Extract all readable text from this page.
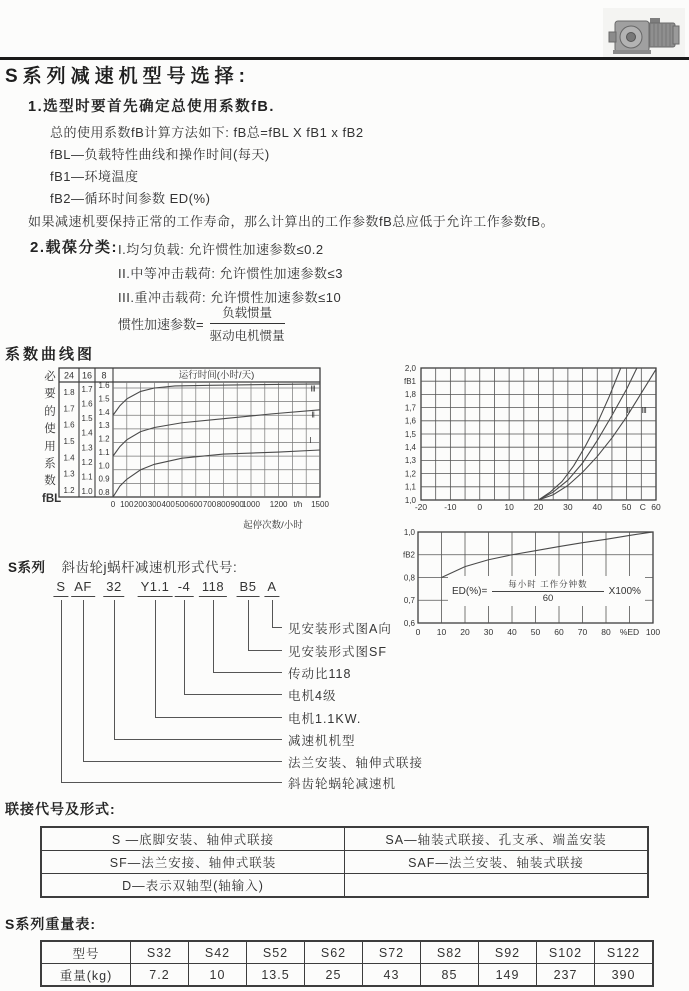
S系列减速机型号选择:
1.选型时要首先确定总使用系数fB.
总的使用系数fB计算方法如下: fB总=fBL X fB1 x fB2
fBL—负载特性曲线和操作时间(每天)
fB1—环境温度
fB2—循环时间参数 ED(%)
如果减速机要保持正常的工作寿命，那么计算出的工作参数fB总应低于允许工作参数fB。
2.载葆分类: I.均匀负载: 允许惯性加速参数≤0.2
II.中等冲击载荷: 允许惯性加速参数≤3
III.重冲击载荷: 允许惯性加速参数≤10
惯性加速参数= $\frac{\text{负载惯量}}{\text{驱动电机惯量}}$
系数曲线图
必
要
的
使
用
系
数
fBL
运行时间(小时/天)
24
1.8
1.7
1.6
1.5
1.4
1.3
1.2
16
1.7
1.6
1.5
1.4
1.3
1.2
1.1
1.0
8
1.6
1.5
1.4
1.3
1.2
1.1
1.0
0.9
0.8
Ⅲ
Ⅱ
Ⅰ
0 100 200 300 400 500 600 700 800 900
1000 1200 t/h 1500
起停次数/小时
2,0
fB1
1,8
1,7
1,6
1,5
1,4
1,3
1,2
1,1
1,0
-20 -10 0	10 20 30 40 50 C 60
Ⅰ Ⅱ Ⅲ
1,0
fB2
0,8
0,7
0,6
0 10 20 30 40 50 60 70 80 %ED 100
ED(%)=
每小时 工作分钟数
60
X100%
S系列 斜齿轮j蜗杆减速机形式代号:
S AF 32 Y1.1 -4 118 B5 A
见安装形式图A向
见安装形式图SF
传动比118
电机4级
电机1.1KW.
减速机机型
法兰安装、轴伸式联接
斜齿轮蜗轮减速机
联接代号及形式:
S —底脚安装、轴伸式联接	SA—轴装式联接、孔支承、端盖安装
SF—法兰安接、轴伸式联装	SAF—法兰安装、轴装式联接
D—表示双轴型(轴输入)	
S系列重量表:
型号	S32	S42	S52	S62	S72	S82	S92	S102	S122
重量(kg)	7.2	10	13.5	25	43	85	149	237	390
